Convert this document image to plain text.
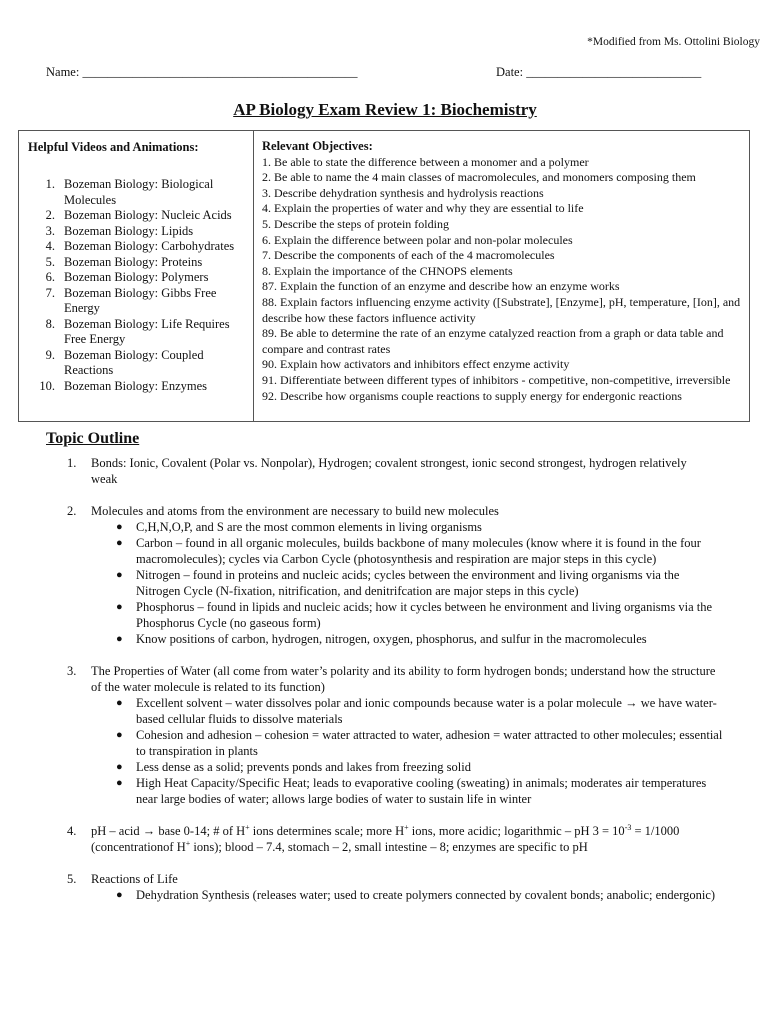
*Modified from Ms. Ottolini Biology
Name: ____________________________________________	Date: ____________________________
AP Biology Exam Review 1: Biochemistry
Helpful Videos and Animations:
1. Bozeman Biology: Biological Molecules
2. Bozeman Biology: Nucleic Acids
3. Bozeman Biology: Lipids
4. Bozeman Biology: Carbohydrates
5. Bozeman Biology: Proteins
6. Bozeman Biology: Polymers
7. Bozeman Biology: Gibbs Free Energy
8. Bozeman Biology: Life Requires Free Energy
9. Bozeman Biology: Coupled Reactions
10. Bozeman Biology: Enzymes
Relevant Objectives:
1. Be able to state the difference between a monomer and a polymer
2. Be able to name the 4 main classes of macromolecules, and monomers composing them
3. Describe dehydration synthesis and hydrolysis reactions
4. Explain the properties of water and why they are essential to life
5. Describe the steps of protein folding
6. Explain the difference between polar and non-polar molecules
7. Describe the components of each of the 4 macromolecules
8. Explain the importance of the CHNOPS elements
87. Explain the function of an enzyme and describe how an enzyme works
88. Explain factors influencing enzyme activity ([Substrate], [Enzyme], pH, temperature, [Ion], and describe how these factors influence activity
89. Be able to determine the rate of an enzyme catalyzed reaction from a graph or data table and compare and contrast rates
90. Explain how activators and inhibitors effect enzyme activity
91. Differentiate between different types of inhibitors - competitive, non-competitive, irreversible
92. Describe how organisms couple reactions to supply energy for endergonic reactions
Topic Outline
1. Bonds: Ionic, Covalent (Polar vs. Nonpolar), Hydrogen; covalent strongest, ionic second strongest, hydrogen relatively weak
2. Molecules and atoms from the environment are necessary to build new molecules
● C,H,N,O,P, and S are the most common elements in living organisms
● Carbon – found in all organic molecules, builds backbone of many molecules (know where it is found in the four macromolecules); cycles via Carbon Cycle (photosynthesis and respiration are major steps in this cycle)
● Nitrogen – found in proteins and nucleic acids; cycles between the environment and living organisms via the Nitrogen Cycle (N-fixation, nitrification, and denitrifcation are major steps in this cycle)
● Phosphorus – found in lipids and nucleic acids; how it cycles between he environment and living organisms via the Phosphorus Cycle (no gaseous form)
● Know positions of carbon, hydrogen, nitrogen, oxygen, phosphorus, and sulfur in the macromolecules
3. The Properties of Water (all come from water’s polarity and its ability to form hydrogen bonds; understand how the structure of the water molecule is related to its function)
● Excellent solvent – water dissolves polar and ionic compounds because water is a polar molecule → we have water-based cellular fluids to dissolve materials
● Cohesion and adhesion – cohesion = water attracted to water, adhesion = water attracted to other molecules; essential to transpiration in plants
● Less dense as a solid; prevents ponds and lakes from freezing solid
● High Heat Capacity/Specific Heat; leads to evaporative cooling (sweating) in animals; moderates air temperatures near large bodies of water; allows large bodies of water to sustain life in winter
4. pH – acid → base 0-14; # of H+ ions determines scale; more H+ ions, more acidic; logarithmic – pH $3 = 10^{-3} = 1/1000$ (concentrationof H+ ions); blood – 7.4, stomach – 2, small intestine – 8; enzymes are specific to pH
5. Reactions of Life
● Dehydration Synthesis (releases water; used to create polymers connected by covalent bonds; anabolic; endergonic)
